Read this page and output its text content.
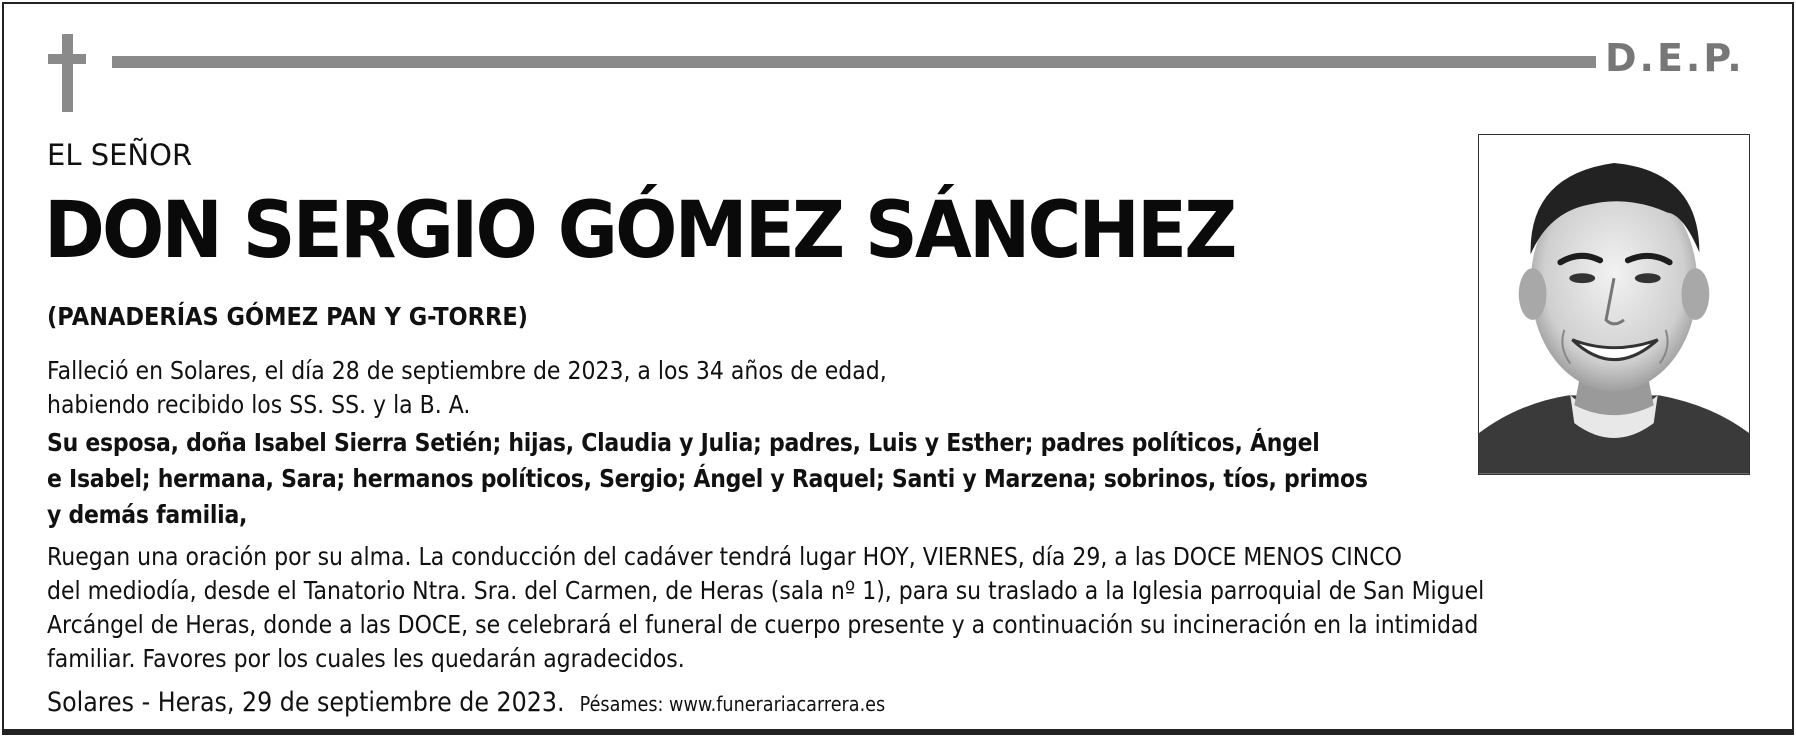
D.E.P.
EL SEÑOR
DON SERGIO GÓMEZ SÁNCHEZ
(PANADERÍAS GÓMEZ PAN Y G-TORRE)
Falleció en Solares, el día 28 de septiembre de 2023, a los 34 años de edad,
habiendo recibido los SS. SS. y la B. A.
Su esposa, doña Isabel Sierra Setién; hijas, Claudia y Julia; padres, Luis y Esther; padres políticos, Ángel
e Isabel; hermana, Sara; hermanos políticos, Sergio; Ángel y Raquel; Santi y Marzena; sobrinos, tíos, primos
y demás familia,
Ruegan una oración por su alma. La conducción del cadáver tendrá lugar HOY, VIERNES, día 29, a las DOCE MENOS CINCO
del mediodía, desde el Tanatorio Ntra. Sra. del Carmen, de Heras (sala nº 1), para su traslado a la Iglesia parroquial de San Miguel
Arcángel de Heras, donde a las DOCE, se celebrará el funeral de cuerpo presente y a continuación su incineración en la intimidad
familiar. Favores por los cuales les quedarán agradecidos.
Solares - Heras, 29 de septiembre de 2023. Pésames: www.funerariacarrera.es
